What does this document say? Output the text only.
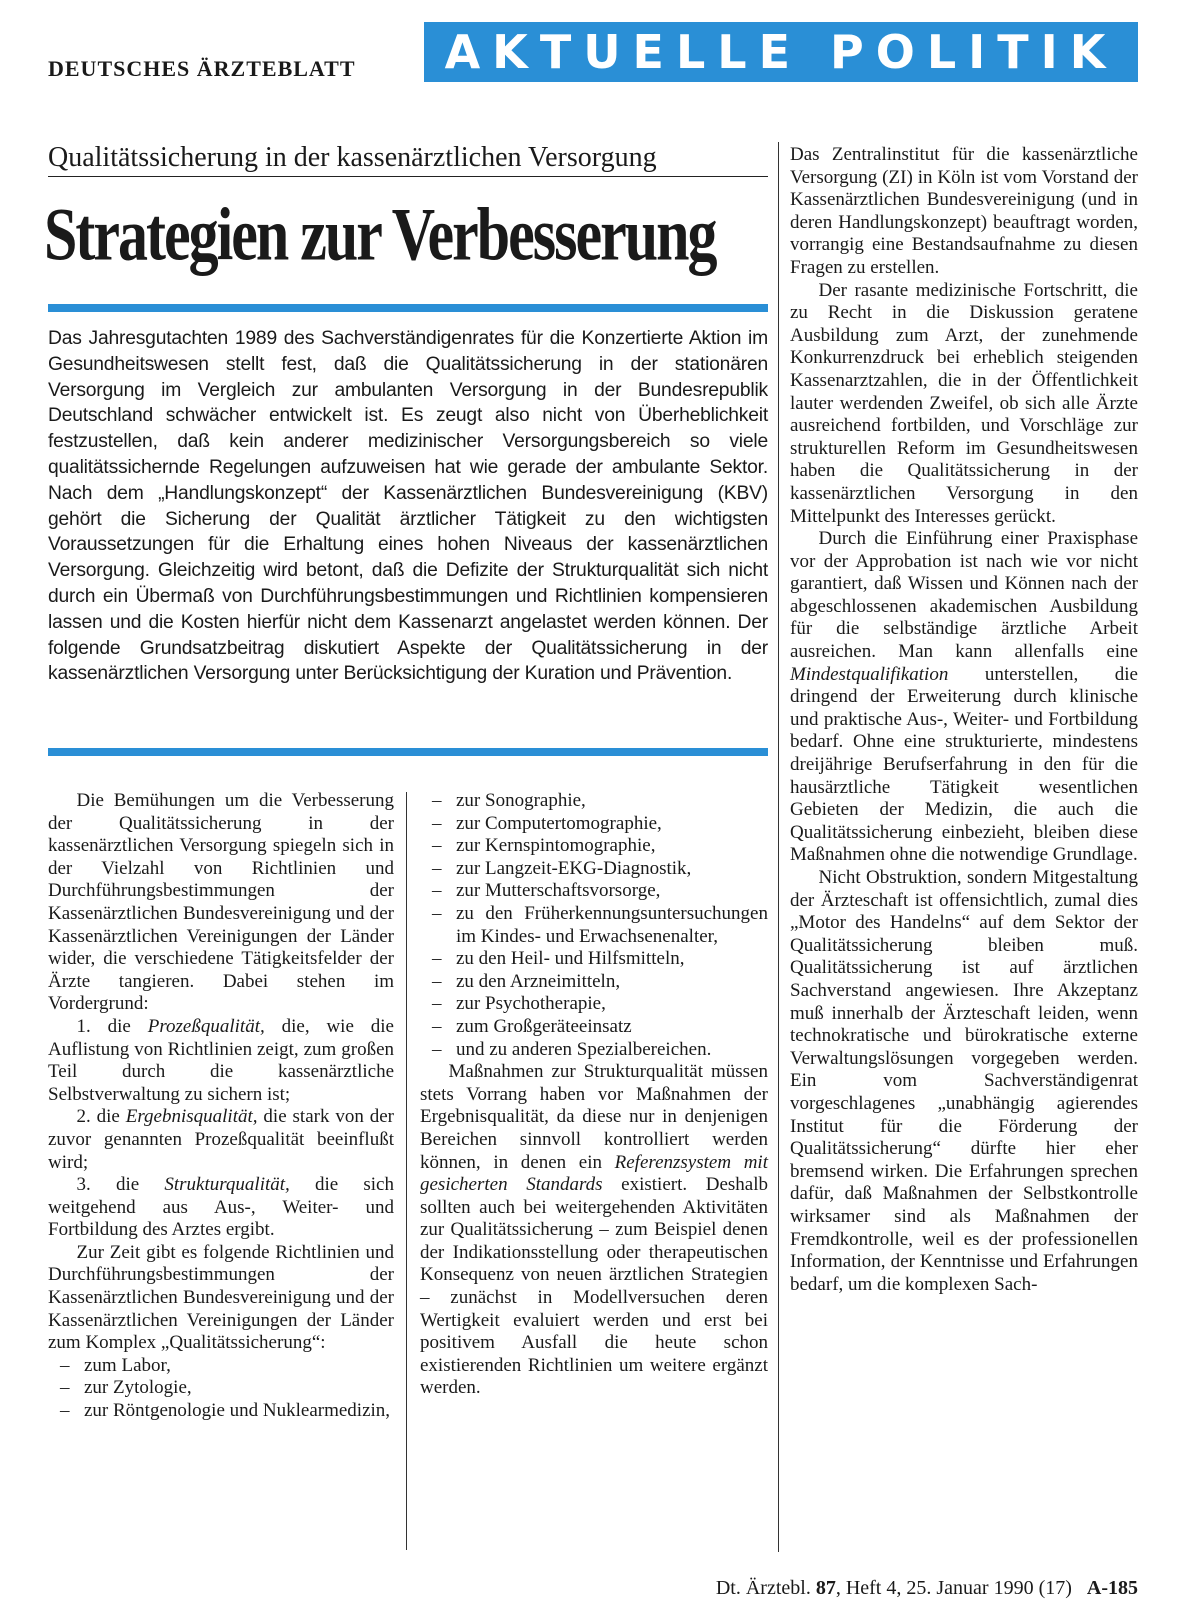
DEUTSCHES ÄRZTEBLATT	AKTUELLE POLITIK
Qualitätssicherung in der kassenärztlichen Versorgung
Strategien zur Verbesserung
Das Jahresgutachten 1989 des Sachverständigenrates für die Konzertierte Aktion im Gesundheitswesen stellt fest, daß die Qualitätssicherung in der stationären Versorgung im Vergleich zur ambulanten Versorgung in der Bundesrepublik Deutschland schwächer entwickelt ist. Es zeugt also nicht von Überheblichkeit festzustellen, daß kein anderer medizinischer Versorgungsbereich so viele qualitätssichernde Regelungen aufzuweisen hat wie gerade der ambulante Sektor. Nach dem „Handlungskonzept“ der Kassenärztlichen Bundesvereinigung (KBV) gehört die Sicherung der Qualität ärztlicher Tätigkeit zu den wichtigsten Voraussetzungen für die Erhaltung eines hohen Niveaus der kassenärztlichen Versorgung. Gleichzeitig wird betont, daß die Defizite der Strukturqualität sich nicht durch ein Übermaß von Durchführungsbestimmungen und Richtlinien kompensieren lassen und die Kosten hierfür nicht dem Kassenarzt angelastet werden können. Der folgende Grundsatzbeitrag diskutiert Aspekte der Qualitätssicherung in der kassenärztlichen Versorgung unter Berücksichtigung der Kuration und Prävention.

Die Bemühungen um die Verbesserung der Qualitätssicherung in der kassenärztlichen Versorgung spiegeln sich in der Vielzahl von Richtlinien und Durchführungsbestimmungen der Kassenärztlichen Bundesvereinigung und der Kassenärztlichen Vereinigungen der Länder wider, die verschiedene Tätigkeitsfelder der Ärzte tangieren. Dabei stehen im Vordergrund:

1. die Prozeßqualität, die, wie die Auflistung von Richtlinien zeigt, zum großen Teil durch die kassenärztliche Selbstverwaltung zu sichern ist;

2. die Ergebnisqualität, die stark von der zuvor genannten Prozeßqualität beeinflußt wird;

3. die Strukturqualität, die sich weitgehend aus Aus-, Weiter- und Fortbildung des Arztes ergibt.

Zur Zeit gibt es folgende Richtlinien und Durchführungsbestimmungen der Kassenärztlichen Bundesvereinigung und der Kassenärztlichen Vereinigungen der Länder zum Komplex „Qualitätssicherung“:

– zum Labor,
– zur Zytologie,
– zur Röntgenologie und Nuklearmedizin,
– zur Sonographie,
– zur Computertomographie,
– zur Kernspintomographie,
– zur Langzeit-EKG-Diagnostik,
– zur Mutterschaftsvorsorge,
– zu den Früherkennungsuntersuchungen im Kindes- und Erwachsenenalter,
– zu den Heil- und Hilfsmitteln,
– zu den Arzneimitteln,
– zur Psychotherapie,
– zum Großgeräteeinsatz
– und zu anderen Spezialbereichen.

Maßnahmen zur Strukturqualität müssen stets Vorrang haben vor Maßnahmen der Ergebnisqualität, da diese nur in denjenigen Bereichen sinnvoll kontrolliert werden können, in denen ein Referenzsystem mit gesicherten Standards existiert. Deshalb sollten auch bei weitergehenden Aktivitäten zur Qualitätssicherung – zum Beispiel denen der Indikationsstellung oder therapeutischen Konsequenz von neuen ärztlichen Strategien – zunächst in Modellversuchen deren Wertigkeit evaluiert werden und erst bei positivem Ausfall die heute schon existierenden Richtlinien um weitere ergänzt werden.

Das Zentralinstitut für die kassenärztliche Versorgung (ZI) in Köln ist vom Vorstand der Kassenärztlichen Bundesvereinigung (und in deren Handlungskonzept) beauftragt worden, vorrangig eine Bestandsaufnahme zu diesen Fragen zu erstellen.

Der rasante medizinische Fortschritt, die zu Recht in die Diskussion geratene Ausbildung zum Arzt, der zunehmende Konkurrenzdruck bei erheblich steigenden Kassenarztzahlen, die in der Öffentlichkeit lauter werdenden Zweifel, ob sich alle Ärzte ausreichend fortbilden, und Vorschläge zur strukturellen Reform im Gesundheitswesen haben die Qualitätssicherung in der kassenärztlichen Versorgung in den Mittelpunkt des Interesses gerückt.

Durch die Einführung einer Praxisphase vor der Approbation ist nach wie vor nicht garantiert, daß Wissen und Können nach der abgeschlossenen akademischen Ausbildung für die selbständige ärztliche Arbeit ausreichen. Man kann allenfalls eine Mindestqualifikation unterstellen, die dringend der Erweiterung durch klinische und praktische Aus-, Weiter- und Fortbildung bedarf. Ohne eine strukturierte, mindestens dreijährige Berufserfahrung in den für die hausärztliche Tätigkeit wesentlichen Gebieten der Medizin, die auch die Qualitätssicherung einbezieht, bleiben diese Maßnahmen ohne die notwendige Grundlage.

Nicht Obstruktion, sondern Mitgestaltung der Ärzteschaft ist offensichtlich, zumal dies „Motor des Handelns“ auf dem Sektor der Qualitätssicherung bleiben muß. Qualitätssicherung ist auf ärztlichen Sachverstand angewiesen. Ihre Akzeptanz muß innerhalb der Ärzteschaft leiden, wenn technokratische und bürokratische externe Verwaltungslösungen vorgegeben werden. Ein vom Sachverständigenrat vorgeschlagenes „unabhängig agierendes Institut für die Förderung der Qualitätssicherung“ dürfte hier eher bremsend wirken. Die Erfahrungen sprechen dafür, daß Maßnahmen der Selbstkontrolle wirksamer sind als Maßnahmen der Fremdkontrolle, weil es der professionellen Information, der Kenntnisse und Erfahrungen bedarf, um die komplexen Sach-

Dt. Ärztebl. 87, Heft 4, 25. Januar 1990 (17) A-185
